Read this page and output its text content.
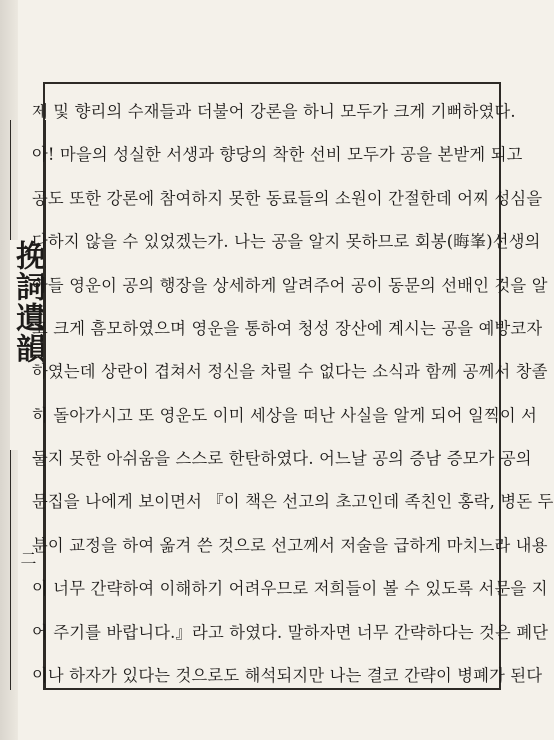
挽詞遺韻
二
제 및 향리의 수재들과 더불어 강론을 하니 모두가 크게 기뻐하였다.
아! 마을의 성실한 서생과 향당의 착한 선비 모두가 공을 본받게 되고
공도 또한 강론에 참여하지 못한 동료들의 소원이 간절한데 어찌 성심을
다하지 않을 수 있었겠는가. 나는 공을 알지 못하므로 회봉(晦峯)선생의
아들 영운이 공의 행장을 상세하게 알려주어 공이 동문의 선배인 것을 알
고 크게 흠모하였으며 영운을 통하여 청성 장산에 계시는 공을 예방코자
하였는데 상란이 겹쳐서 정신을 차릴 수 없다는 소식과 함께 공께서 창졸
히 돌아가시고 또 영운도 이미 세상을 떠난 사실을 알게 되어 일찍이 서
둘지 못한 아쉬움을 스스로 한탄하였다. 어느날 공의 증남 증모가 공의
문집을 나에게 보이면서 『이 책은 선고의 초고인데 족친인 홍락, 병돈 두
분이 교정을 하여 옮겨 쓴 것으로 선고께서 저술을 급하게 마치느라 내용
이 너무 간략하여 이해하기 어려우므로 저희들이 볼 수 있도록 서문을 지
어 주기를 바랍니다.』라고 하였다. 말하자면 너무 간략하다는 것은 폐단
이나 하자가 있다는 것으로도 해석되지만 나는 결코 간략이 병폐가 된다
